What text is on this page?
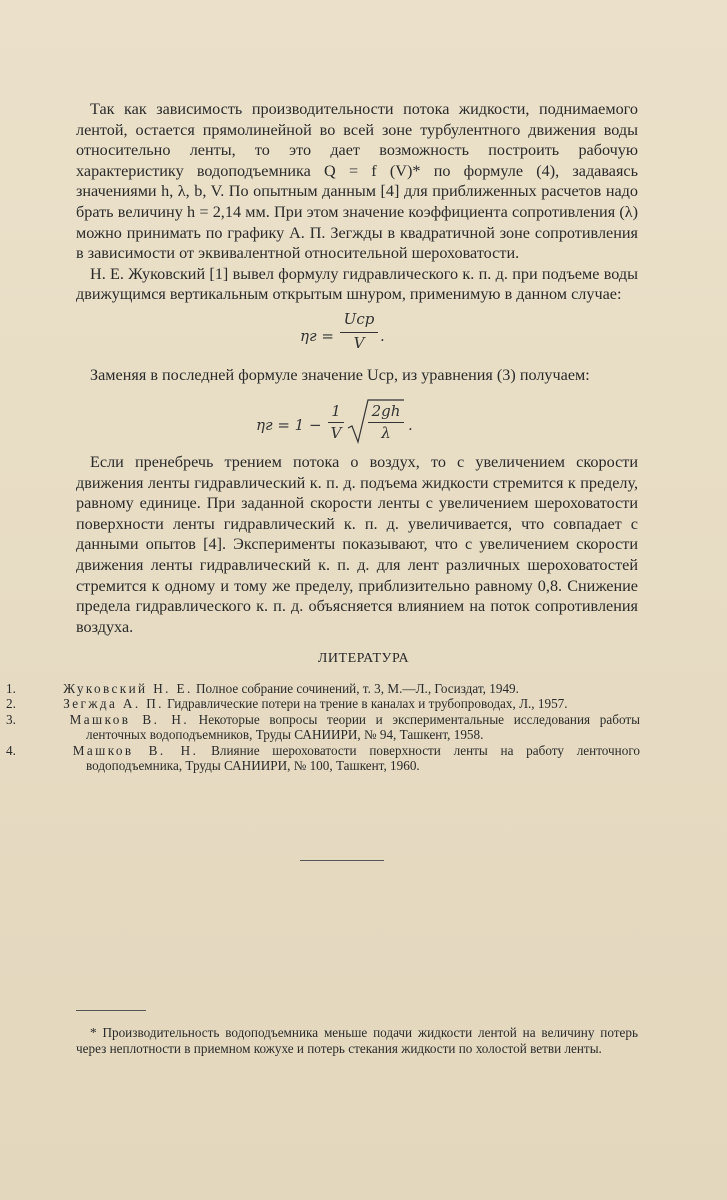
Так как зависимость производительности потока жидкости, поднимаемого лентой, остается прямолинейной во всей зоне турбулентного движения воды относительно ленты, то это дает возможность построить рабочую характеристику водоподъемника Q = f (V)* по формуле (4), задаваясь значениями h, λ, b, V. По опытным данным [4] для приближенных расчетов надо брать величину h = 2,14 мм. При этом значение коэффициента сопротивления (λ) можно принимать по графику А. П. Зегжды в квадратичной зоне сопротивления в зависимости от эквивалентной относительной шероховатости.

Н. Е. Жуковский [1] вывел формулу гидравлического к. п. д. при подъеме воды движущимся вертикальным открытым шнуром, применимую в данном случае:

ηг =
Uср
V	.

Заменяя в последней формуле значение Uср, из уравнения (3) получаем:

ηг = 1 −
1
V
2gh
λ	.

Если пренебречь трением потока о воздух, то с увеличением скорости движения ленты гидравлический к. п. д. подъема жидкости стремится к пределу, равному единице. При заданной скорости ленты с увеличением шероховатости поверхности ленты гидравлический к. п. д. увеличивается, что совпадает с данными опытов [4]. Эксперименты показывают, что с увеличением скорости движения ленты гидравлический к. п. д. для лент различных шероховатостей стремится к одному и тому же пределу, приблизительно равному 0,8. Снижение предела гидравлического к. п. д. объясняется влиянием на поток сопротивления воздуха.

ЛИТЕРАТУРА
1.	Жуковский Н. Е. Полное собрание сочинений, т. 3, М.—Л., Госиздат, 1949.
2.	Зегжда А. П. Гидравлические потери на трение в каналах и трубопроводах, Л., 1957.
3.	Машков В. Н. Некоторые вопросы теории и экспериментальные исследования работы ленточных водоподъемников, Труды САНИИРИ, № 94, Ташкент, 1958.
4.	Машков В. Н. Влияние шероховатости поверхности ленты на работу ленточного водоподъемника, Труды САНИИРИ, № 100, Ташкент, 1960.
* Производительность водоподъемника меньше подачи жидкости лентой на величину потерь через неплотности в приемном кожухе и потерь стекания жидкости по холостой ветви ленты.
